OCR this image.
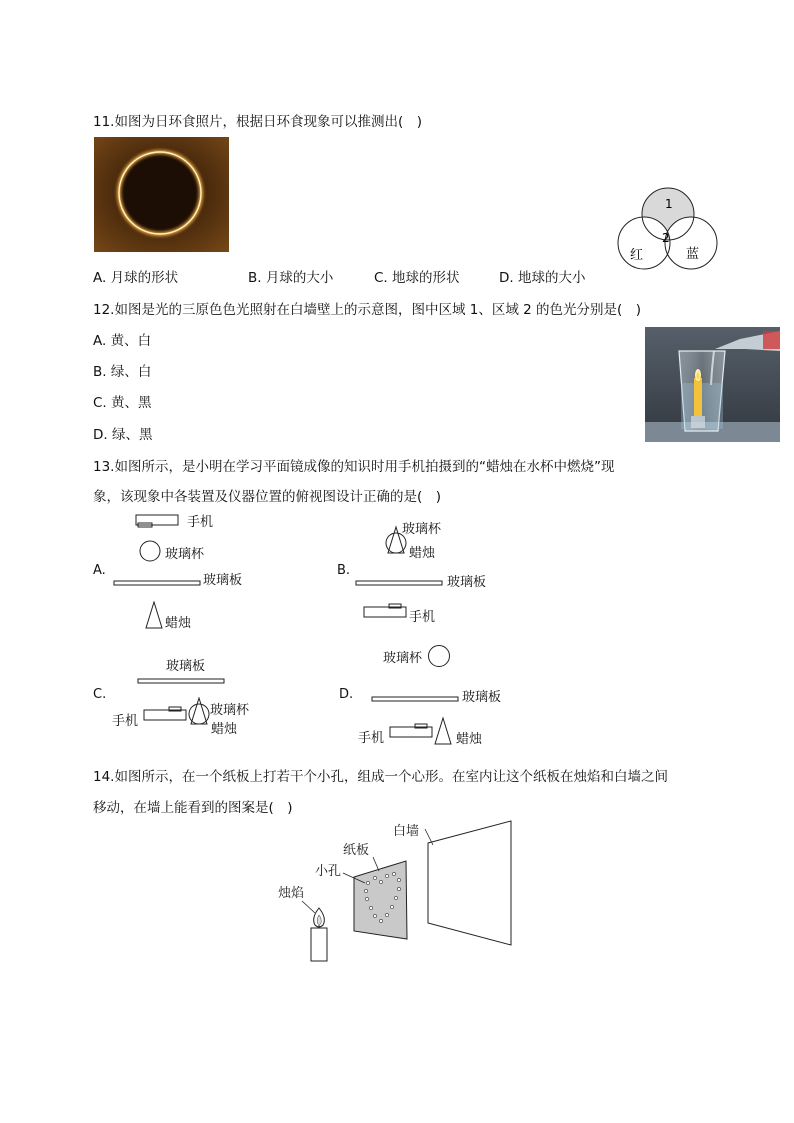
11.如图为日环食照片，根据日环食现象可以推测出(　)
A. 月球的形状	B. 月球的大小	C. 地球的形状	D. 地球的大小
1
2
红	蓝
12.如图是光的三原色色光照射在白墙壁上的示意图，图中区域 1、区域 2 的色光分别是(　)
A. 黄、白
B. 绿、白
C. 黄、黑
D. 绿、黑
13.如图所示，是小明在学习平面镜成像的知识时用手机拍摄到的“蜡烛在水杯中燃烧”现
象，该现象中各装置及仪器位置的俯视图设计正确的是(　)
A.
手机
玻璃杯
玻璃板
蜡烛
B.
玻璃杯
蜡烛
玻璃板
手机
玻璃板
C.
手机
玻璃杯
蜡烛
玻璃杯
D.	玻璃板
手机	蜡烛
14.如图所示，在一个纸板上打若干个小孔，组成一个心形。在室内让这个纸板在烛焰和白墙之间
移动，在墙上能看到的图案是(　)
白墙
纸板
小孔
烛焰
